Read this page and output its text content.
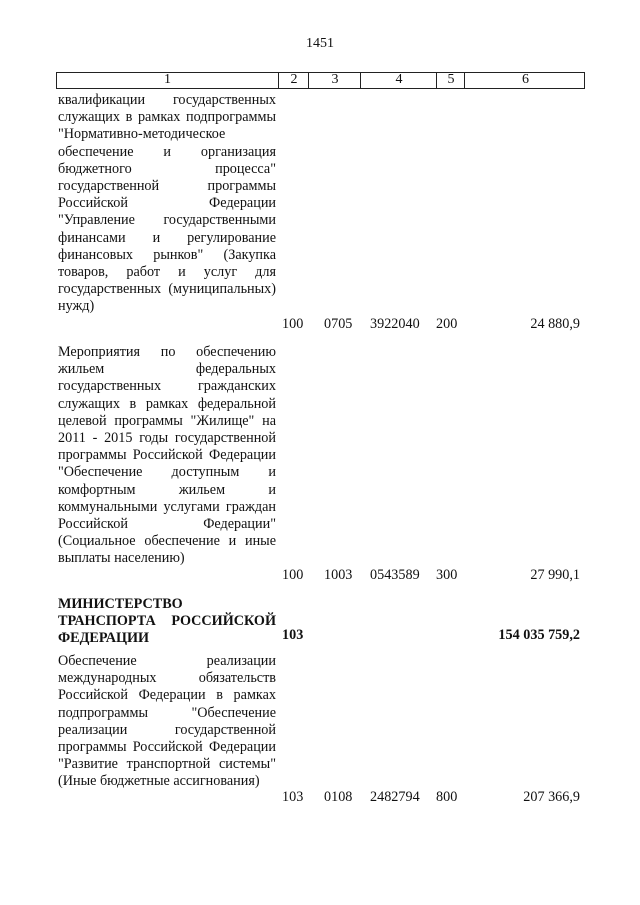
1451
1	2	3	4	5	6
квалификации государственных служащих в рамках подпрограммы "Нормативно-методическое обеспечение и организация бюджетного процесса" государственной программы Российской Федерации "Управление государственными финансами и регулирование финансовых рынков" (Закупка товаров, работ и услуг для государственных (муниципальных) нужд)
100 0705 3922040 200	24 880,9
Мероприятия по обеспечению жильем федеральных государственных гражданских служащих в рамках федеральной целевой программы "Жилище" на 2011 - 2015 годы государственной программы Российской Федерации "Обеспечение доступным и комфортным жильем и коммунальными услугами граждан Российской Федерации" (Социальное обеспечение и иные выплаты населению)
100 1003 0543589 300	27 990,1
МИНИСТЕРСТВО ТРАНСПОРТА РОССИЙСКОЙ ФЕДЕРАЦИИ	103	154 035 759,2
Обеспечение реализации международных обязательств Российской Федерации в рамках подпрограммы "Обеспечение реализации государственной программы Российской Федерации "Развитие транспортной системы" (Иные бюджетные ассигнования)
103 0108 2482794 800	207 366,9
